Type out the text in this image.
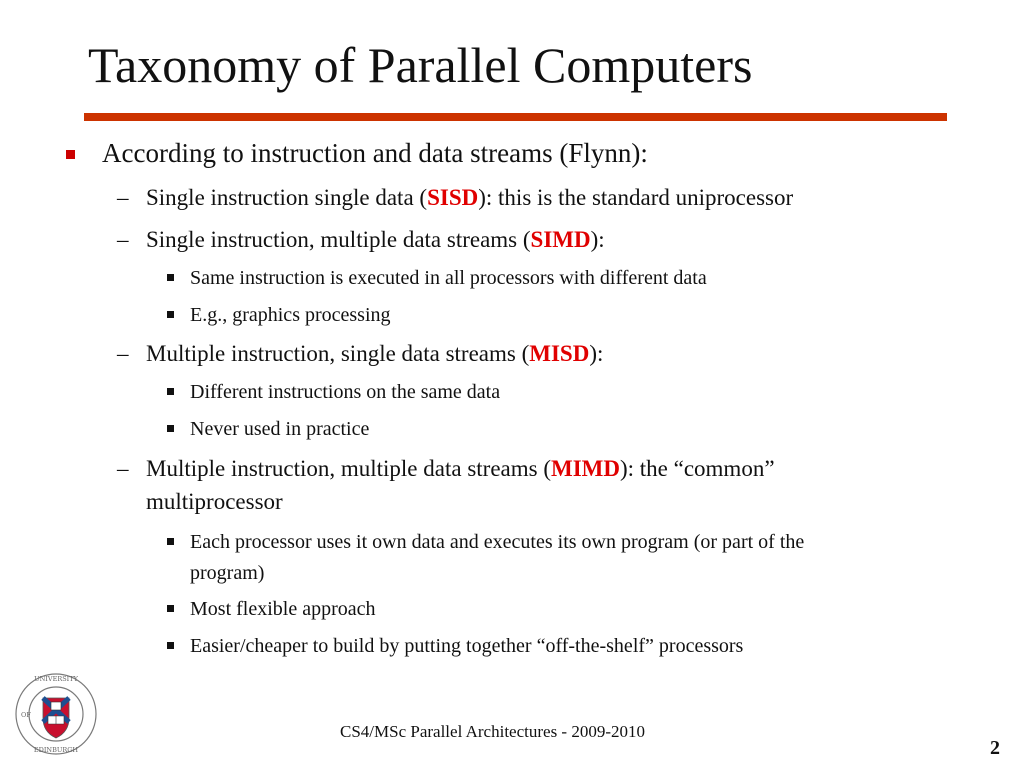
Taxonomy of Parallel Computers
According to instruction and data streams (Flynn):
– Single instruction single data (SISD): this is the standard uniprocessor
– Single instruction, multiple data streams (SIMD):
Same instruction is executed in all processors with different data
E.g., graphics processing
– Multiple instruction, single data streams (MISD):
Different instructions on the same data
Never used in practice
– Multiple instruction, multiple data streams (MIMD): the “common”
multiprocessor
Each processor uses it own data and executes its own program (or part of the
program)
Most flexible approach
Easier/cheaper to build by putting together “off-the-shelf” processors
UNIVERSITY
EDINBURGH
OF
CS4/MSc Parallel Architectures - 2009-2010
2
